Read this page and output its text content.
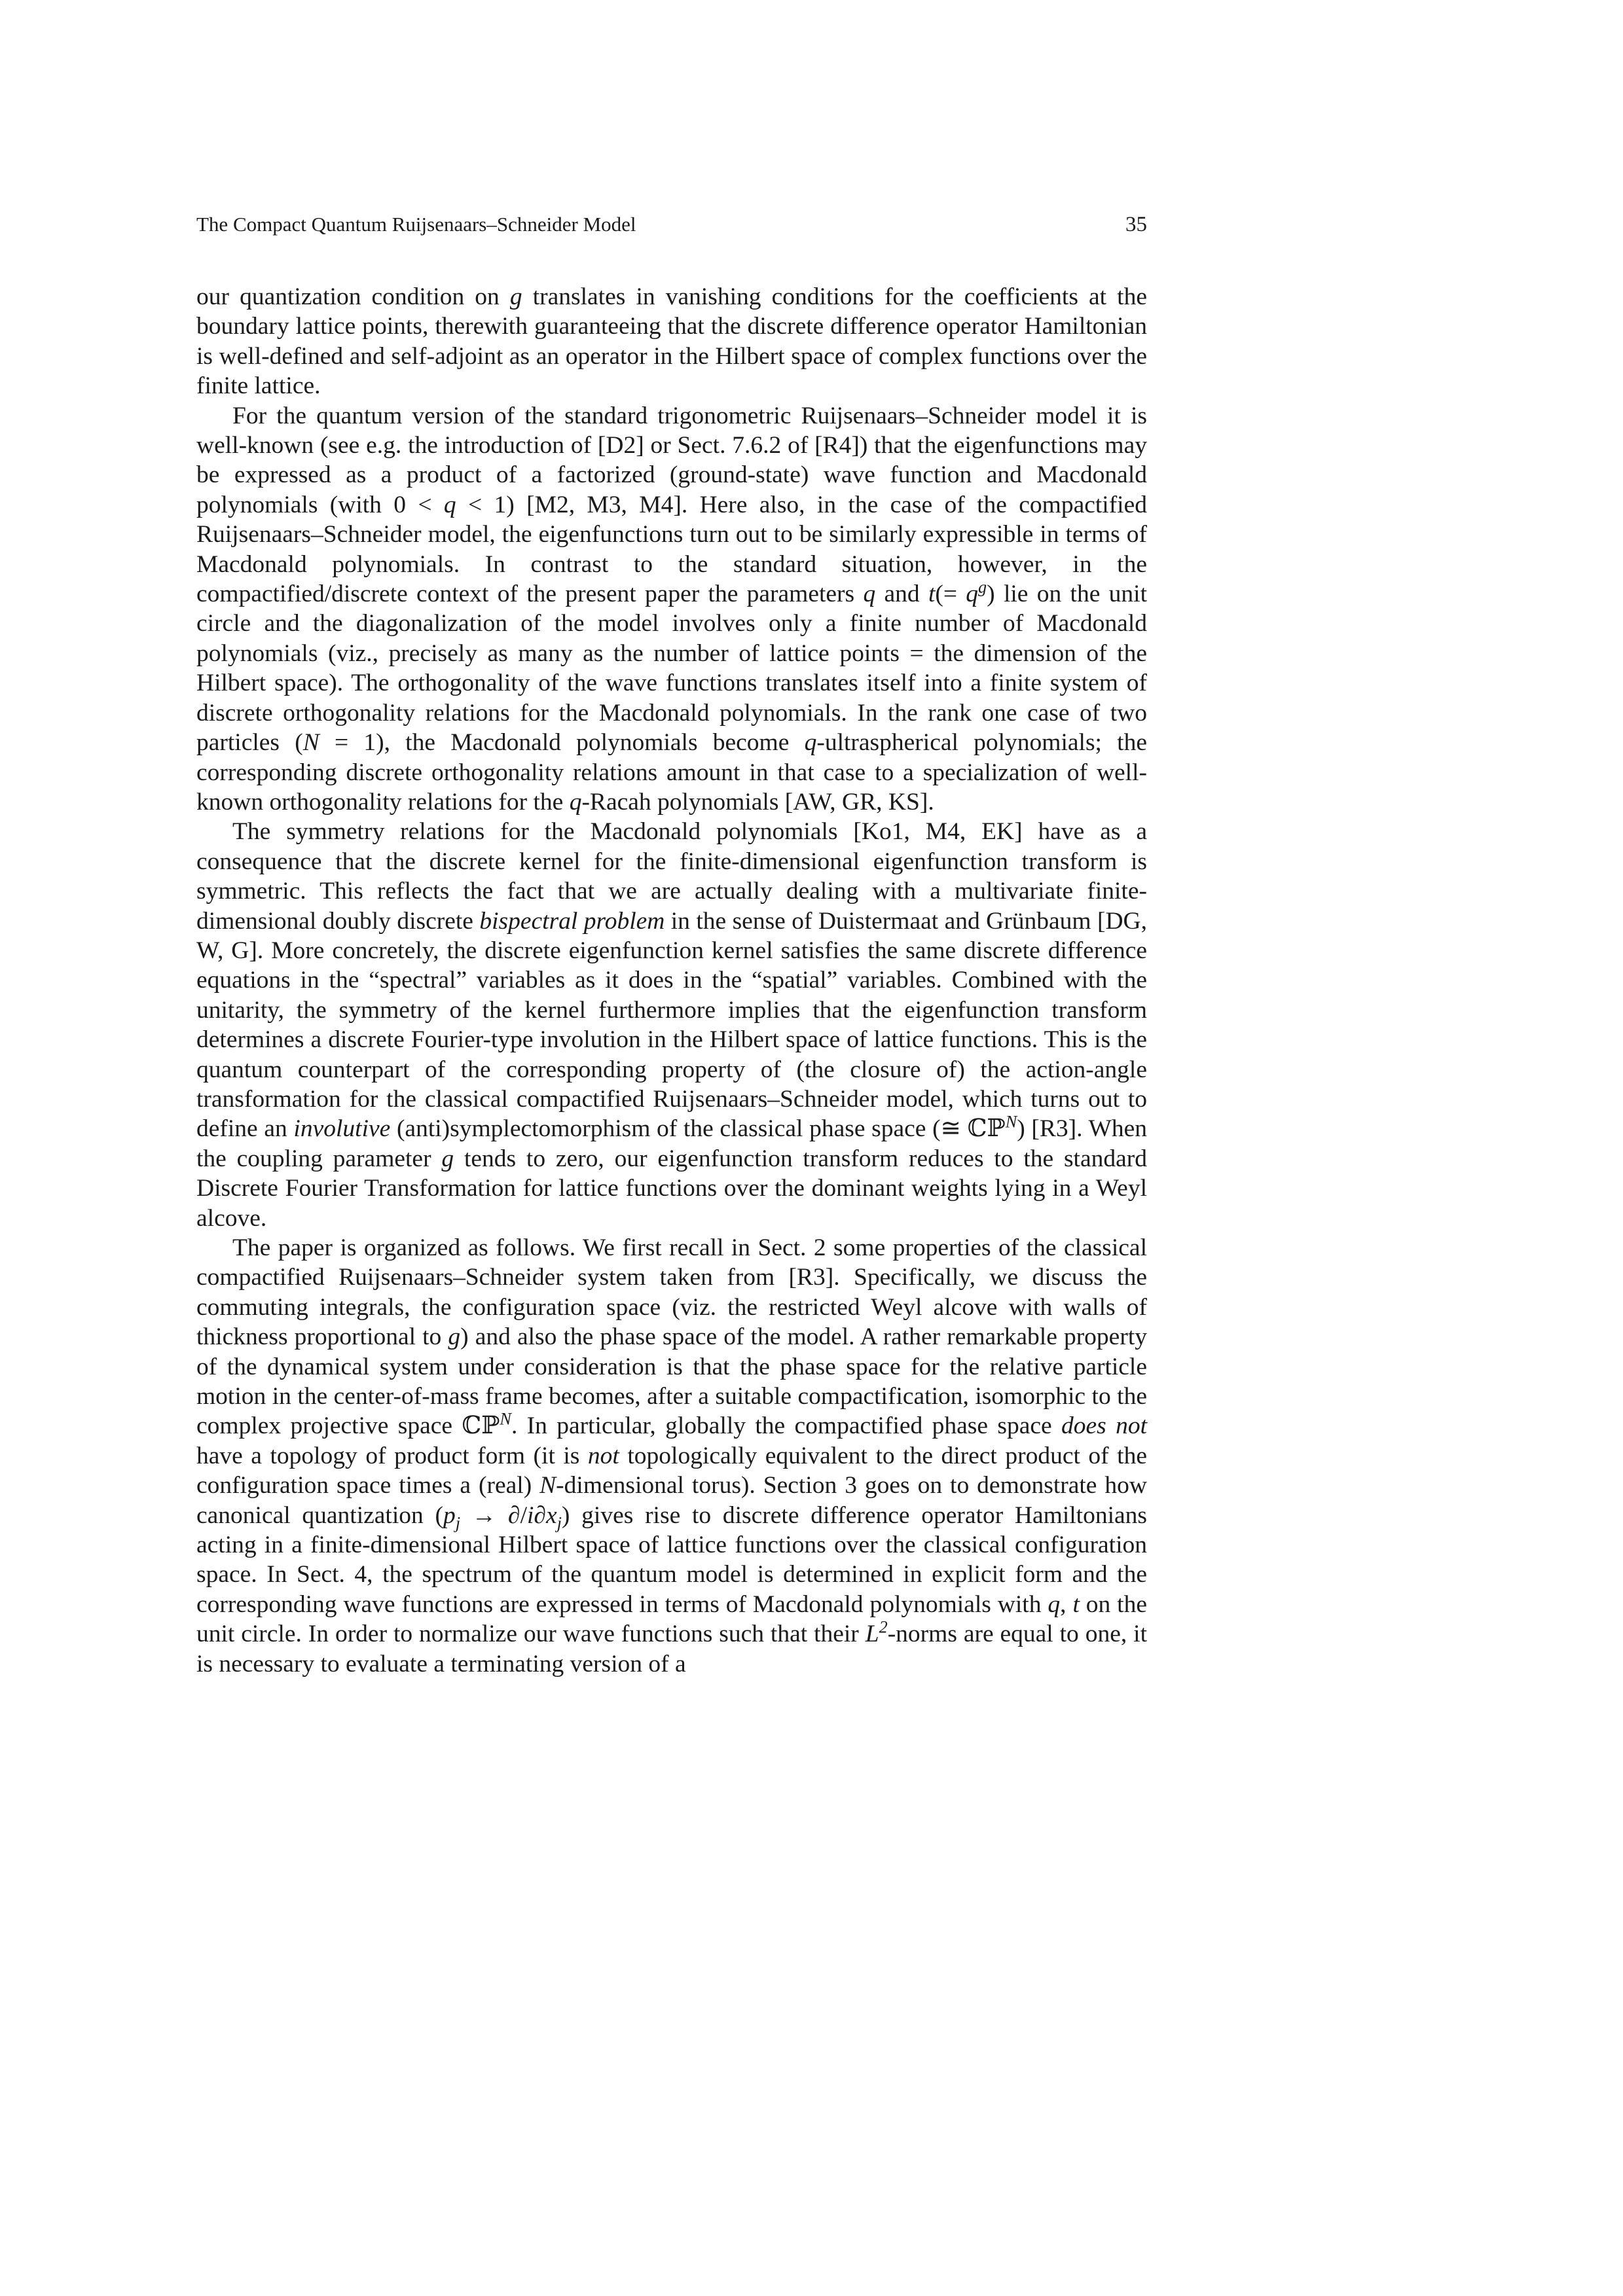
The Compact Quantum Ruijsenaars–Schneider Model	35

our quantization condition on g translates in vanishing conditions for the coefficients at the boundary lattice points, therewith guaranteeing that the discrete difference operator Hamiltonian is well-defined and self-adjoint as an operator in the Hilbert space of complex functions over the finite lattice.

For the quantum version of the standard trigonometric Ruijsenaars–Schneider model it is well-known (see e.g. the introduction of [D2] or Sect. 7.6.2 of [R4]) that the eigenfunctions may be expressed as a product of a factorized (ground-state) wave function and Macdonald polynomials (with 0 < q < 1) [M2, M3, M4]. Here also, in the case of the compactified Ruijsenaars–Schneider model, the eigenfunctions turn out to be similarly expressible in terms of Macdonald polynomials. In contrast to the standard situation, however, in the compactified/discrete context of the present paper the parameters q and $t(= q^g)$ lie on the unit circle and the diagonalization of the model involves only a finite number of Macdonald polynomials (viz., precisely as many as the number of lattice points = the dimension of the Hilbert space). The orthogonality of the wave functions translates itself into a finite system of discrete orthogonality relations for the Macdonald polynomials. In the rank one case of two particles (N = 1), the Macdonald polynomials become q-ultraspherical polynomials; the corresponding discrete orthogonality relations amount in that case to a specialization of well-known orthogonality relations for the q-Racah polynomials [AW, GR, KS].

The symmetry relations for the Macdonald polynomials [Ko1, M4, EK] have as a consequence that the discrete kernel for the finite-dimensional eigenfunction transform is symmetric. This reflects the fact that we are actually dealing with a multivariate finite-dimensional doubly discrete bispectral problem in the sense of Duistermaat and Grünbaum [DG, W, G]. More concretely, the discrete eigenfunction kernel satisfies the same discrete difference equations in the “spectral” variables as it does in the “spatial” variables. Combined with the unitarity, the symmetry of the kernel furthermore implies that the eigenfunction transform determines a discrete Fourier-type involution in the Hilbert space of lattice functions. This is the quantum counterpart of the corresponding property of (the closure of) the action-angle transformation for the classical compactified Ruijsenaars–Schneider model, which turns out to define an involutive (anti)symplectomorphism of the classical phase space (≅ ℂℙ$^N$) [R3]. When the coupling parameter g tends to zero, our eigenfunction transform reduces to the standard Discrete Fourier Transformation for lattice functions over the dominant weights lying in a Weyl alcove.

The paper is organized as follows. We first recall in Sect. 2 some properties of the classical compactified Ruijsenaars–Schneider system taken from [R3]. Specifically, we discuss the commuting integrals, the configuration space (viz. the restricted Weyl alcove with walls of thickness proportional to g) and also the phase space of the model. A rather remarkable property of the dynamical system under consideration is that the phase space for the relative particle motion in the center-of-mass frame becomes, after a suitable compactification, isomorphic to the complex projective space ℂℙ$^N$. In particular, globally the compactified phase space does not have a topology of product form (it is not topologically equivalent to the direct product of the configuration space times a (real) N-dimensional torus). Section 3 goes on to demonstrate how canonical quantization $(p_j \to \partial/i\partial x_j)$ gives rise to discrete difference operator Hamiltonians acting in a finite-dimensional Hilbert space of lattice functions over the classical configuration space. In Sect. 4, the spectrum of the quantum model is determined in explicit form and the corresponding wave functions are expressed in terms of Macdonald polynomials with q, t on the unit circle. In order to normalize our wave functions such that their $L^2$-norms are equal to one, it is necessary to evaluate a terminating version of a
